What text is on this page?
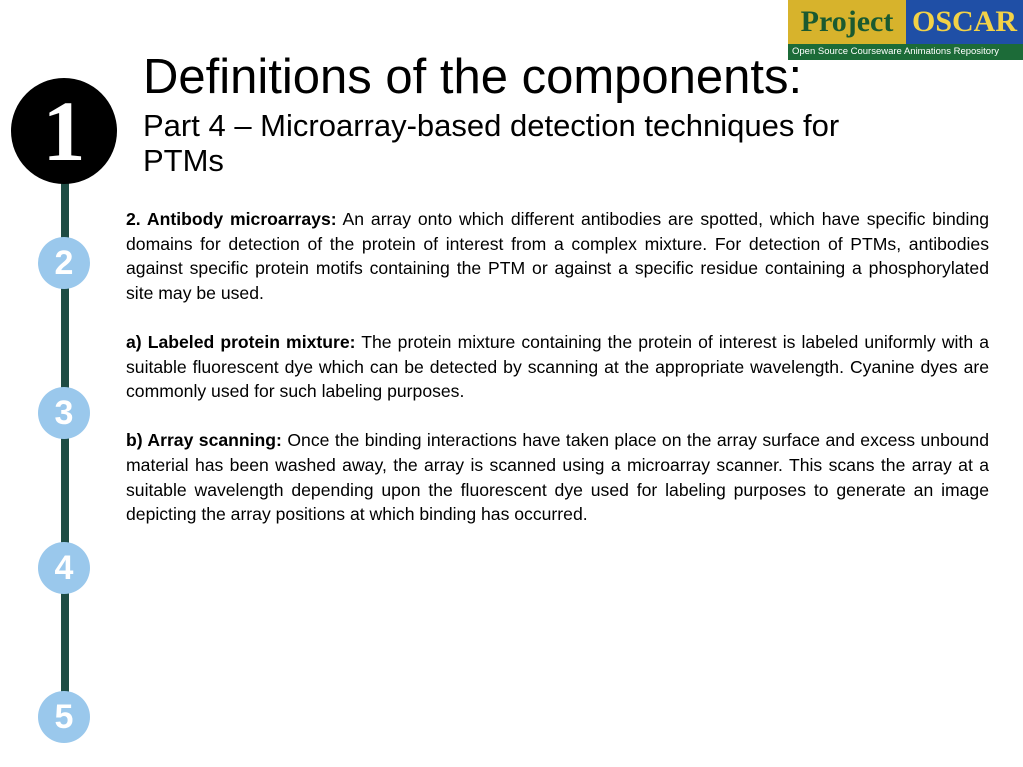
Project OSCAR
Open Source Courseware Animations Repository
Definitions of the components:
Part 4 – Microarray-based detection techniques for PTMs
1
2
3
4
5

2. Antibody microarrays: An array onto which different antibodies are spotted, which have specific binding domains for detection of the protein of interest from a complex mixture. For detection of PTMs, antibodies against specific protein motifs containing the PTM or against a specific residue containing a phosphorylated site may be used.

a) Labeled protein mixture: The protein mixture containing the protein of interest is labeled uniformly with a suitable fluorescent dye which can be detected by scanning at the appropriate wavelength. Cyanine dyes are commonly used for such labeling purposes.

b) Array scanning: Once the binding interactions have taken place on the array surface and excess unbound material has been washed away, the array is scanned using a microarray scanner. This scans the array at a suitable wavelength depending upon the fluorescent dye used for labeling purposes to generate an image depicting the array positions at which binding has occurred.
